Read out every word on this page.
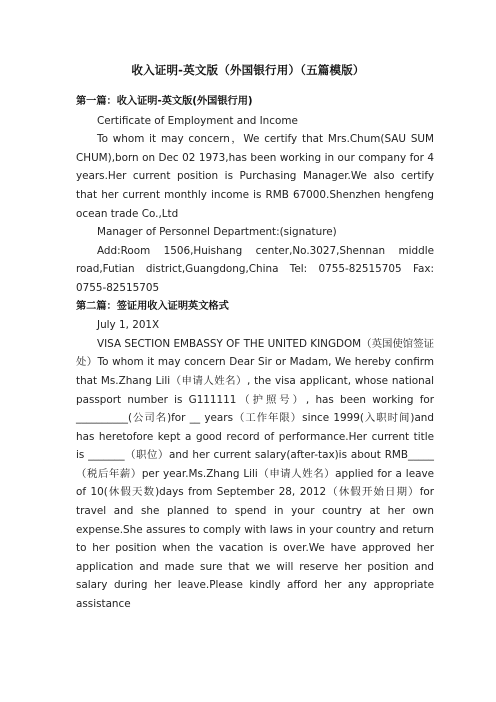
收入证明-英文版（外国银行用）（五篇模版）

第一篇：收入证明-英文版(外国银行用)

Certificate of Employment and Income

To whom it may concern，We certify that Mrs.Chum(SAU SUM CHUM),born on Dec 02 1973,has been working in our company for 4 years.Her current position is Purchasing Manager.We also certify that her current monthly income is RMB 67000.Shenzhen hengfeng ocean trade Co.,Ltd

Manager of Personnel Department:(signature)

Add:Room 1506,Huishang center,No.3027,Shennan middle road,Futian district,Guangdong,China Tel: 0755-82515705 Fax: 0755-82515705

第二篇：签证用收入证明英文格式

July 1, 201X

VISA SECTION EMBASSY OF THE UNITED KINGDOM（英国使馆签证处）To whom it may concern Dear Sir or Madam, We hereby confirm that Ms.Zhang Lili（申请人姓名）, the visa applicant, whose national passport number is G111111（护照号）, has been working for __________(公司名)for __ years（工作年限）since 1999(入职时间)and has heretofore kept a good record of performance.Her current title is _______（职位）and her current salary(after-tax)is about RMB_____（税后年薪）per year.Ms.Zhang Lili（申请人姓名）applied for a leave of 10(休假天数)days from September 28, 2012（休假开始日期）for travel and she planned to spend in your country at her own expense.She assures to comply with laws in your country and return to her position when the vacation is over.We have approved her application and made sure that we will reserve her position and salary during her leave.Please kindly afford her any appropriate assistance
